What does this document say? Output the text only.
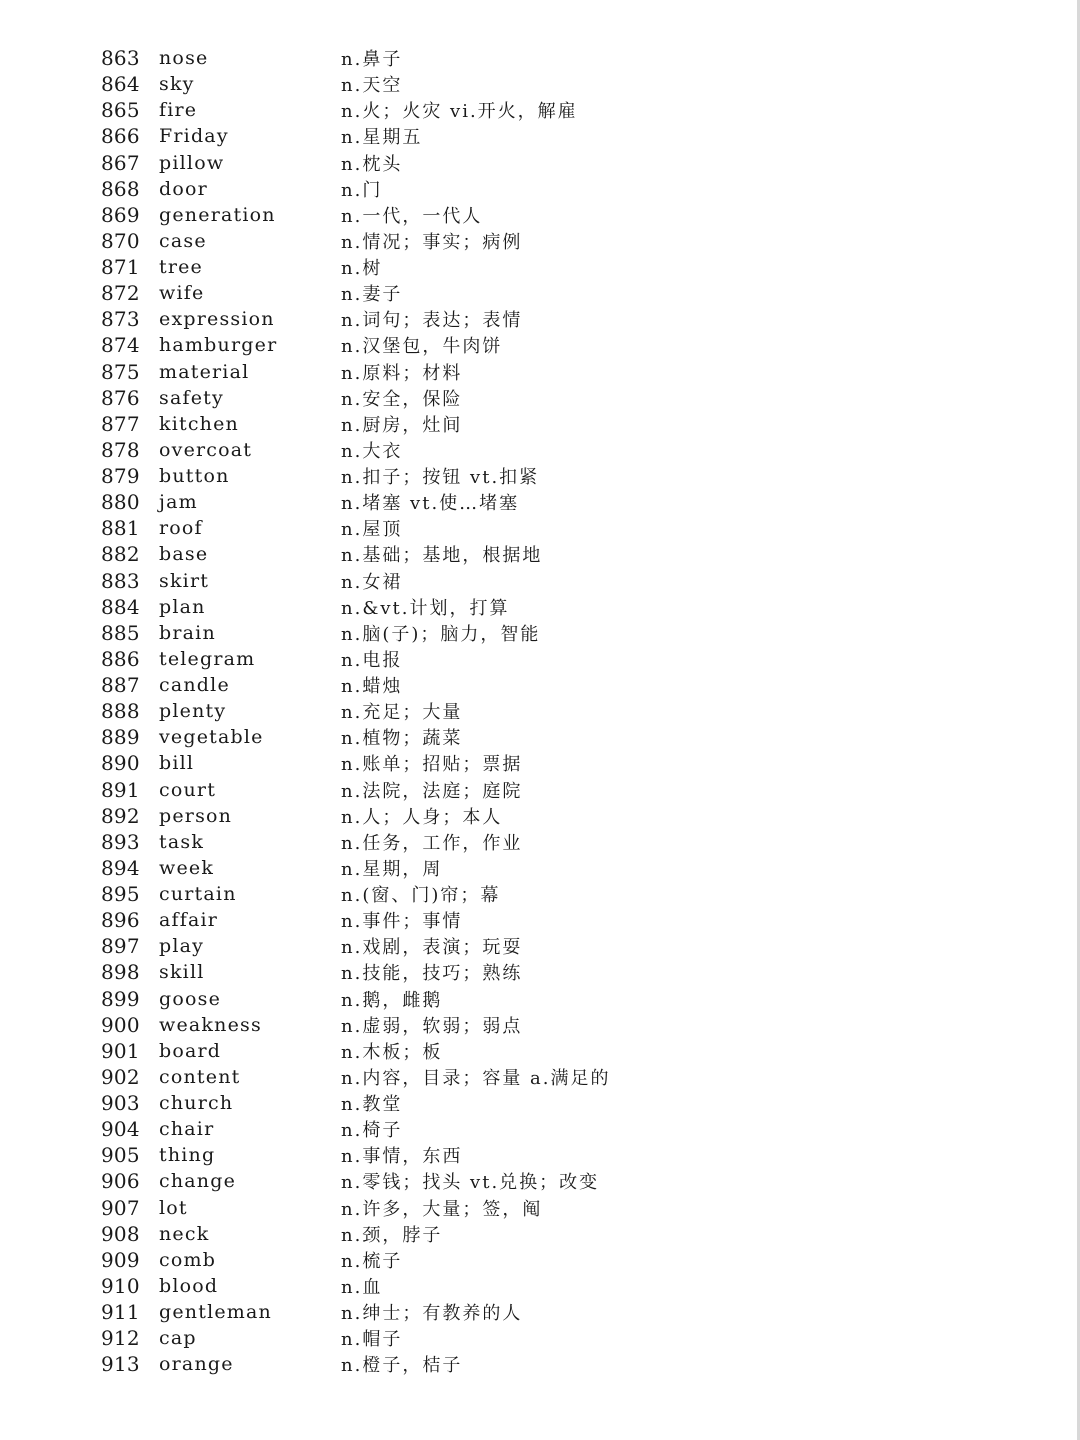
863	nose	n.鼻子
864	sky	n.天空
865	fire	n.火；火灾 vi.开火，解雇
866	Friday	n.星期五
867	pillow	n.枕头
868	door	n.门
869	generation	n.一代，一代人
870	case	n.情况；事实；病例
871	tree	n.树
872	wife	n.妻子
873	expression	n.词句；表达；表情
874	hamburger	n.汉堡包，牛肉饼
875	material	n.原料；材料
876	safety	n.安全，保险
877	kitchen	n.厨房，灶间
878	overcoat	n.大衣
879	button	n.扣子；按钮 vt.扣紧
880	jam	n.堵塞 vt.使…堵塞
881	roof	n.屋顶
882	base	n.基础；基地，根据地
883	skirt	n.女裙
884	plan	n.&vt.计划，打算
885	brain	n.脑(子)；脑力，智能
886	telegram	n.电报
887	candle	n.蜡烛
888	plenty	n.充足；大量
889	vegetable	n.植物；蔬菜
890	bill	n.账单；招贴；票据
891	court	n.法院，法庭；庭院
892	person	n.人；人身；本人
893	task	n.任务，工作，作业
894	week	n.星期，周
895	curtain	n.(窗、门)帘；幕
896	affair	n.事件；事情
897	play	n.戏剧，表演；玩耍
898	skill	n.技能，技巧；熟练
899	goose	n.鹅，雌鹅
900	weakness	n.虚弱，软弱；弱点
901	board	n.木板；板
902	content	n.内容，目录；容量 a.满足的
903	church	n.教堂
904	chair	n.椅子
905	thing	n.事情，东西
906	change	n.零钱；找头 vt.兑换；改变
907	lot	n.许多，大量；签，阄
908	neck	n.颈，脖子
909	comb	n.梳子
910	blood	n.血
911	gentleman	n.绅士；有教养的人
912	cap	n.帽子
913	orange	n.橙子，桔子
